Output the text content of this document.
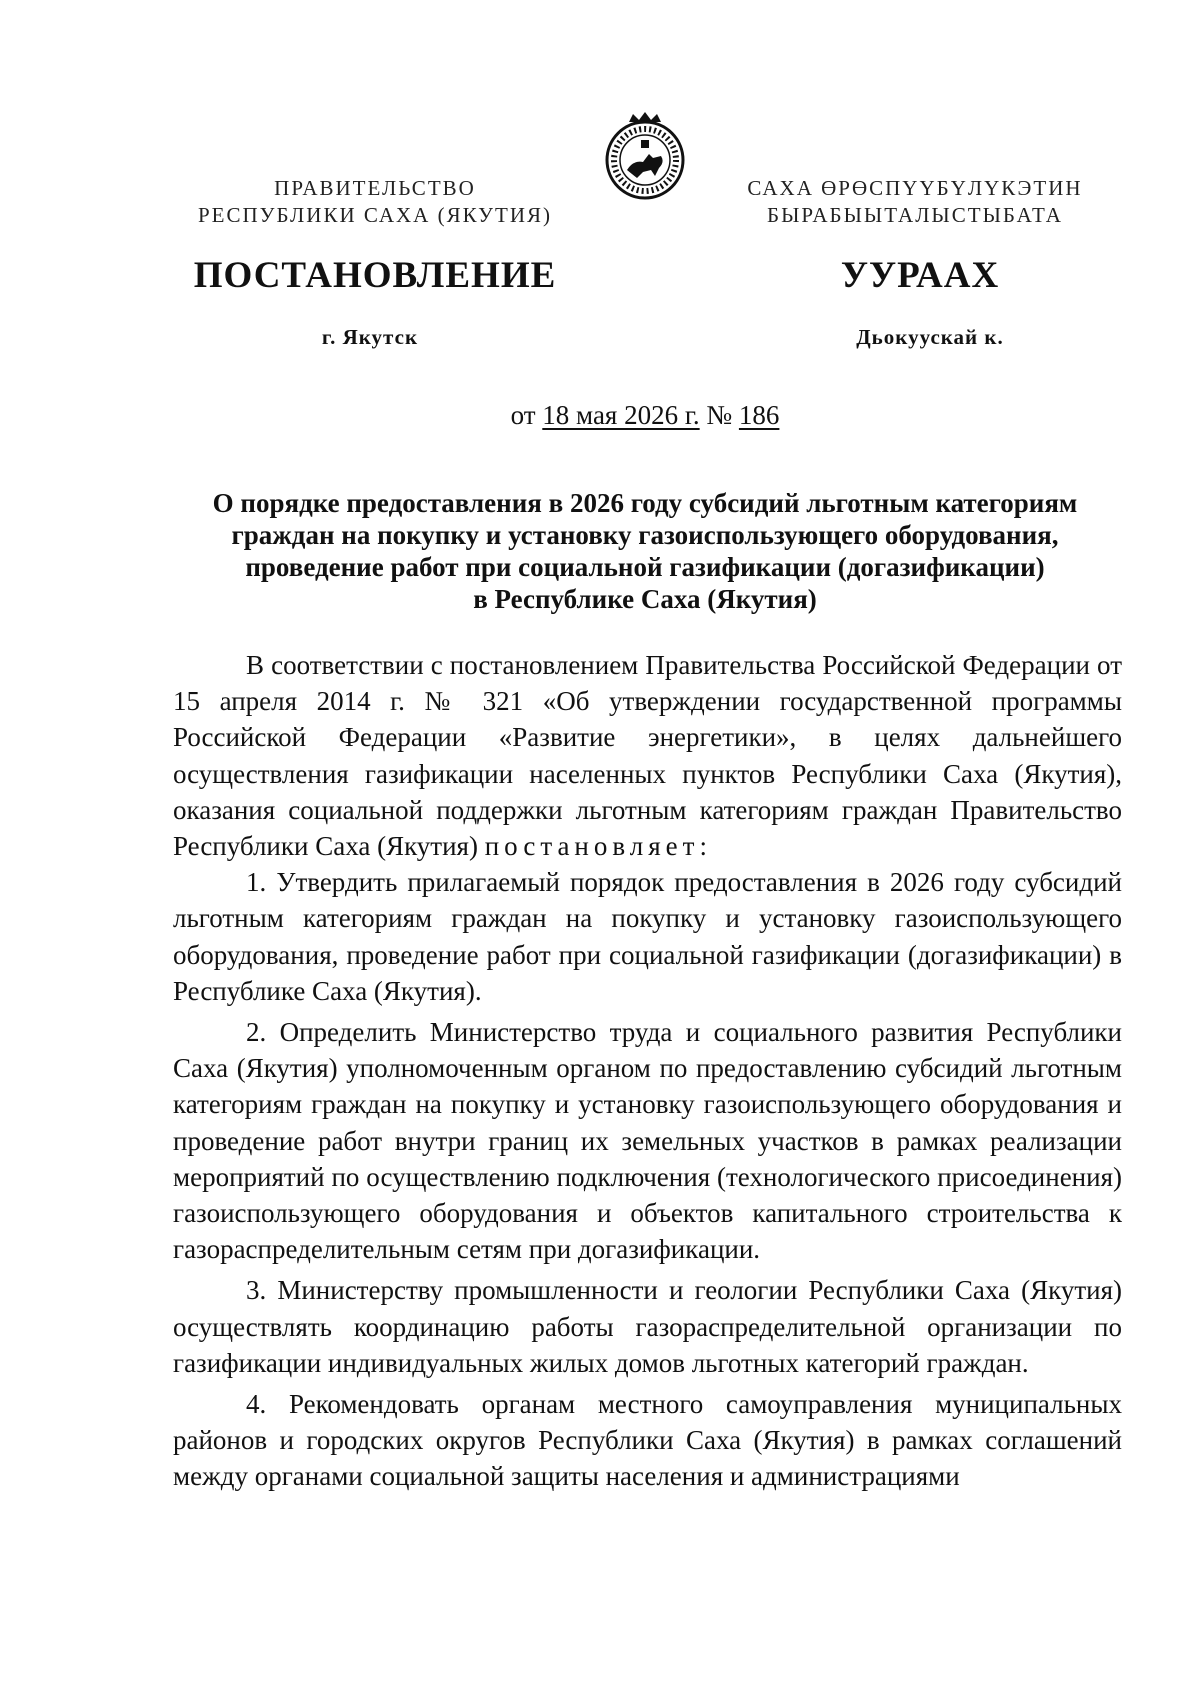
ПРАВИТЕЛЬСТВО
РЕСПУБЛИКИ САХА (ЯКУТИЯ)
САХА ӨРӨСПҮҮБҮЛҮКЭТИН
БЫРАБЫЫТАЛЫСТЫБАТА
ПОСТАНОВЛЕНИЕ	УУРААХ
г. Якутск	Дьокуускай к.
от 18 мая 2026 г. № 186
О порядке предоставления в 2026 году субсидий льготным категориям
граждан на покупку и установку газоиспользующего оборудования,
проведение работ при социальной газификации (догазификации)
в Республике Саха (Якутия)

В соответствии с постановлением Правительства Российской Федерации от 15 апреля 2014 г. № 321 «Об утверждении государственной программы Российской Федерации «Развитие энергетики», в целях дальнейшего осуществления газификации населенных пунктов Республики Саха (Якутия), оказания социальной поддержки льготным категориям граждан Правительство Республики Саха (Якутия) постановляет:

1. Утвердить прилагаемый порядок предоставления в 2026 году субсидий льготным категориям граждан на покупку и установку газоиспользующего оборудования, проведение работ при социальной газификации (догазификации) в Республике Саха (Якутия).

2. Определить Министерство труда и социального развития Республики Саха (Якутия) уполномоченным органом по предоставлению субсидий льготным категориям граждан на покупку и установку газоиспользующего оборудования и проведение работ внутри границ их земельных участков в рамках реализации мероприятий по осуществлению подключения (технологического присоединения) газоиспользующего оборудования и объектов капитального строительства к газораспределительным сетям при догазификации.

3. Министерству промышленности и геологии Республики Саха (Якутия) осуществлять координацию работы газораспределительной организации по газификации индивидуальных жилых домов льготных категорий граждан.

4. Рекомендовать органам местного самоуправления муниципальных районов и городских округов Республики Саха (Якутия) в рамках соглашений между органами социальной защиты населения и администрациями
